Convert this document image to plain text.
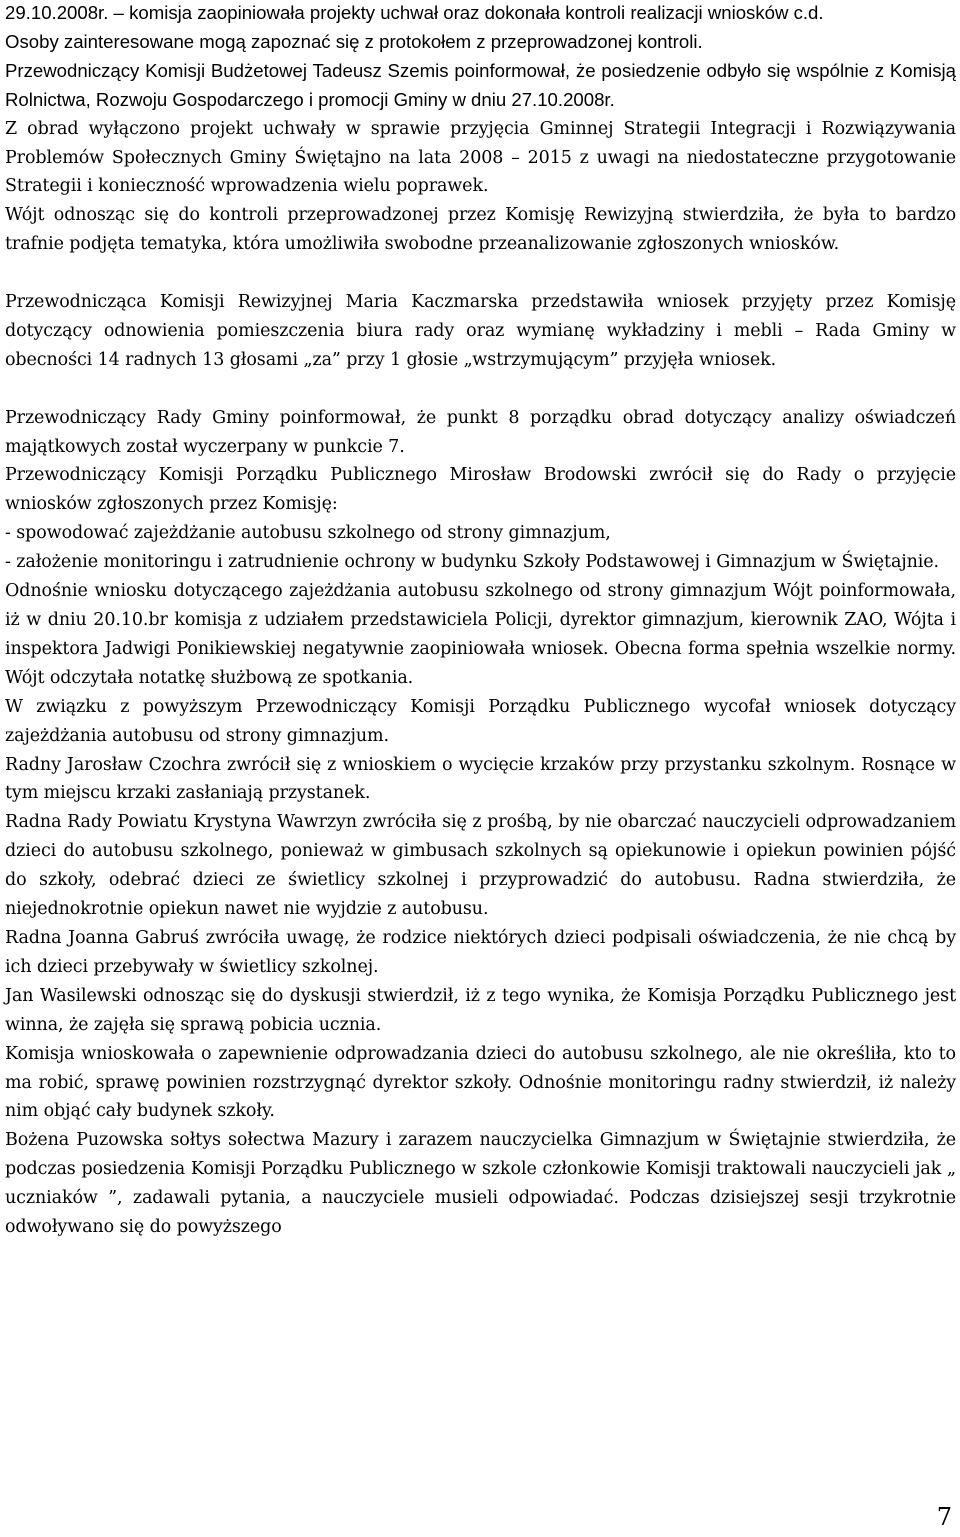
29.10.2008r. – komisja zaopiniowała projekty uchwał oraz dokonała kontroli realizacji wniosków c.d.

Osoby zainteresowane mogą zapoznać się z protokołem z przeprowadzonej kontroli.

Przewodniczący Komisji Budżetowej Tadeusz Szemis poinformował, że posiedzenie odbyło się wspólnie z Komisją Rolnictwa, Rozwoju Gospodarczego i promocji Gminy w dniu 27.10.2008r.

Z obrad wyłączono projekt uchwały w sprawie przyjęcia Gminnej Strategii Integracji i Rozwiązywania Problemów Społecznych Gminy Świętajno na lata 2008 – 2015 z uwagi na niedostateczne przygotowanie Strategii i konieczność wprowadzenia wielu poprawek.

Wójt odnosząc się do kontroli przeprowadzonej przez Komisję Rewizyjną stwierdziła, że była to bardzo trafnie podjęta tematyka, która umożliwiła swobodne przeanalizowanie zgłoszonych wniosków.

Przewodnicząca Komisji Rewizyjnej Maria Kaczmarska przedstawiła wniosek przyjęty przez Komisję dotyczący odnowienia pomieszczenia biura rady oraz wymianę wykładziny i mebli – Rada Gminy w obecności 14 radnych 13 głosami „za” przy 1 głosie „wstrzymującym” przyjęła wniosek.

Przewodniczący Rady Gminy poinformował, że punkt 8 porządku obrad dotyczący analizy oświadczeń majątkowych został wyczerpany w punkcie 7.

Przewodniczący Komisji Porządku Publicznego Mirosław Brodowski zwrócił się do Rady o przyjęcie wniosków zgłoszonych przez Komisję:

- spowodować zajeżdżanie autobusu szkolnego od strony gimnazjum,

- założenie monitoringu i zatrudnienie ochrony w budynku Szkoły Podstawowej i Gimnazjum w Świętajnie.

Odnośnie wniosku dotyczącego zajeżdżania autobusu szkolnego od strony gimnazjum Wójt poinformowała, iż w dniu 20.10.br komisja z udziałem przedstawiciela Policji, dyrektor gimnazjum, kierownik ZAO, Wójta i inspektora Jadwigi Ponikiewskiej negatywnie zaopiniowała wniosek. Obecna forma spełnia wszelkie normy. Wójt odczytała notatkę służbową ze spotkania.

W związku z powyższym Przewodniczący Komisji Porządku Publicznego wycofał wniosek dotyczący zajeżdżania autobusu od strony gimnazjum.

Radny Jarosław Czochra zwrócił się z wnioskiem o wycięcie krzaków przy przystanku szkolnym. Rosnące w tym miejscu krzaki zasłaniają przystanek.

Radna Rady Powiatu Krystyna Wawrzyn zwróciła się z prośbą, by nie obarczać nauczycieli odprowadzaniem dzieci do autobusu szkolnego, ponieważ w gimbusach szkolnych są opiekunowie i opiekun powinien pójść do szkoły, odebrać dzieci ze świetlicy szkolnej i przyprowadzić do autobusu. Radna stwierdziła, że niejednokrotnie opiekun nawet nie wyjdzie z autobusu.

Radna Joanna Gabruś zwróciła uwagę, że rodzice niektórych dzieci podpisali oświadczenia, że nie chcą by ich dzieci przebywały w świetlicy szkolnej.

Jan Wasilewski odnosząc się do dyskusji stwierdził, iż z tego wynika, że Komisja Porządku Publicznego jest winna, że zajęła się sprawą pobicia ucznia.

Komisja wnioskowała o zapewnienie odprowadzania dzieci do autobusu szkolnego, ale nie określiła, kto to ma robić, sprawę powinien rozstrzygnąć dyrektor szkoły. Odnośnie monitoringu radny stwierdził, iż należy nim objąć cały budynek szkoły.

Bożena Puzowska sołtys sołectwa Mazury i zarazem nauczycielka Gimnazjum w Świętajnie stwierdziła, że podczas posiedzenia Komisji Porządku Publicznego w szkole członkowie Komisji traktowali nauczycieli jak „ uczniaków ”, zadawali pytania, a nauczyciele musieli odpowiadać. Podczas dzisiejszej sesji trzykrotnie odwoływano się do powyższego

7
